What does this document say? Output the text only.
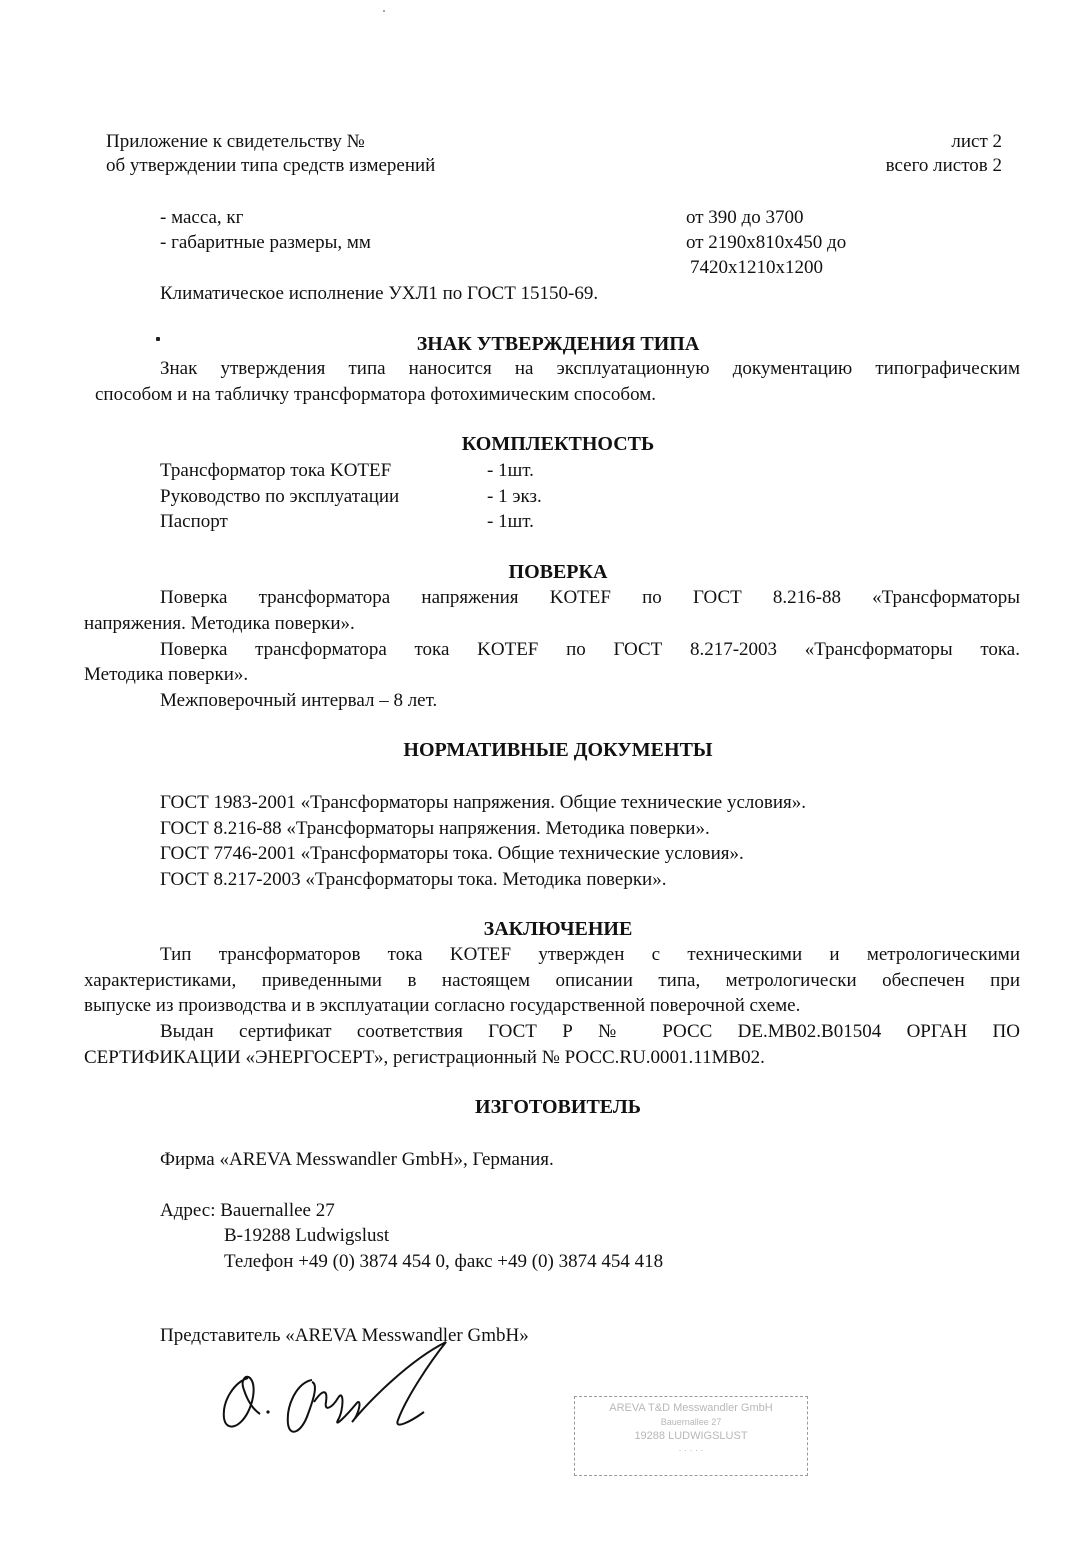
Приложение к свидетельству №
об утверждении типа средств измерений
лист 2
всего листов 2
- масса, кг	от 390 до 3700
- габаритные размеры, мм	от 2190x810x450 до
7420x1210x1200
Климатическое исполнение УХЛ1 по ГОСТ 15150-69.
ЗНАК УТВЕРЖДЕНИЯ ТИПА
Знак утверждения типа наносится на эксплуатационную документацию типографическим
способом и на табличку трансформатора фотохимическим способом.
КОМПЛЕКТНОСТЬ
Трансформатор тока KOTEF	- 1шт.
Руководство по эксплуатации	- 1 экз.
Паспорт	- 1шт.
ПОВЕРКА
Поверка трансформатора напряжения KOTEF по ГОСТ 8.216-88 «Трансформаторы
напряжения. Методика поверки».
Поверка трансформатора тока KOTEF по ГОСТ 8.217-2003 «Трансформаторы тока.
Методика поверки».
Межповерочный интервал – 8 лет.
НОРМАТИВНЫЕ ДОКУМЕНТЫ
ГОСТ 1983-2001 «Трансформаторы напряжения. Общие технические условия».
ГОСТ 8.216-88 «Трансформаторы напряжения. Методика поверки».
ГОСТ 7746-2001 «Трансформаторы тока. Общие технические условия».
ГОСТ 8.217-2003 «Трансформаторы тока. Методика поверки».
ЗАКЛЮЧЕНИЕ
Тип трансформаторов тока KOTEF утвержден с техническими и метрологическими
характеристиками, приведенными в настоящем описании типа, метрологически обеспечен при
выпуске из производства и в эксплуатации согласно государственной поверочной схеме.
Выдан сертификат соответствия ГОСТ Р № РОСС DE.MB02.B01504 ОРГАН ПО
СЕРТИФИКАЦИИ «ЭНЕРГОСЕРТ», регистрационный № РОСС.RU.0001.11MB02.
ИЗГОТОВИТЕЛЬ
Фирма «AREVA Messwandler GmbH», Германия.
Адрес: Bauernallee 27
B-19288 Ludwigslust
Телефон +49 (0) 3874 454 0, факс +49 (0) 3874 454 418
Представитель «AREVA Messwandler GmbH»
AREVA T&D Messwandler GmbH
Bauernallee 27
19288 LUDWIGSLUST
· · · · ·
